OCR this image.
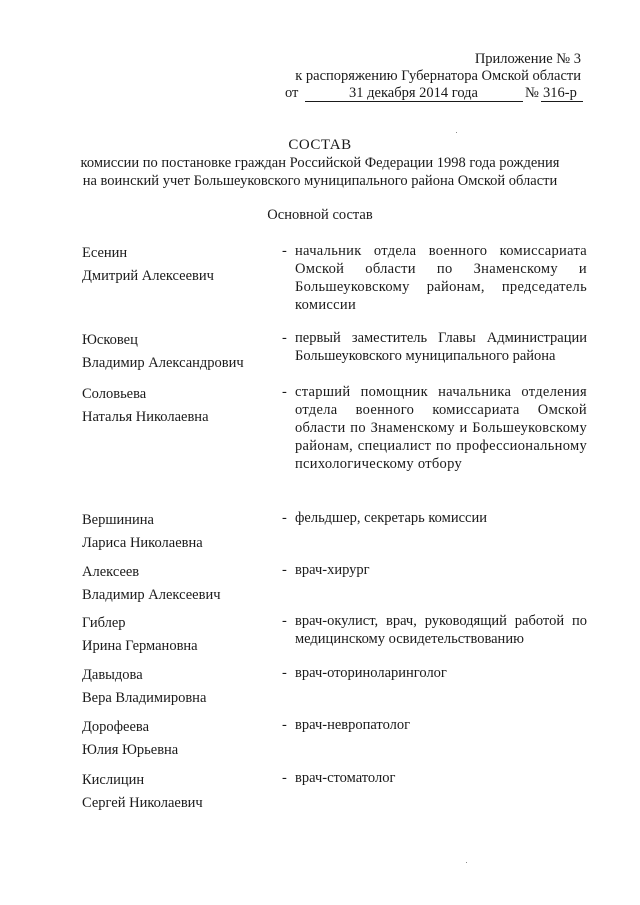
Приложение № 3
к распоряжению Губернатора Омской области
от	31 декабря 2014 года	№ 316-р
СОСТАВ
комиссии по постановке граждан Российской Федерации 1998 года рождения
на воинский учет Большеуковского муниципального района Омской области
Основной состав
Есенин
Дмитрий Алексеевич
- начальник отдела военного комиссариата Омской области по Знаменскому и Большеуковскому районам, председатель комиссии
Юсковец
Владимир Александрович
- первый заместитель Главы Администрации Большеуковского муниципального района
Соловьева
Наталья Николаевна
- старший помощник начальника отделения отдела военного комиссариата Омской области по Знаменскому и Большеуковскому районам, специалист по профессиональному психологическому отбору
Вершинина
Лариса Николаевна
- фельдшер, секретарь комиссии
Алексеев
Владимир Алексеевич
- врач-хирург
Гиблер
Ирина Германовна
- врач-окулист, врач, руководящий работой по медицинскому освидетельствованию
Давыдова
Вера Владимировна
- врач-оториноларинголог
Дорофеева
Юлия Юрьевна
- врач-невропатолог
Кислицин
Сергей Николаевич
- врач-стоматолог
